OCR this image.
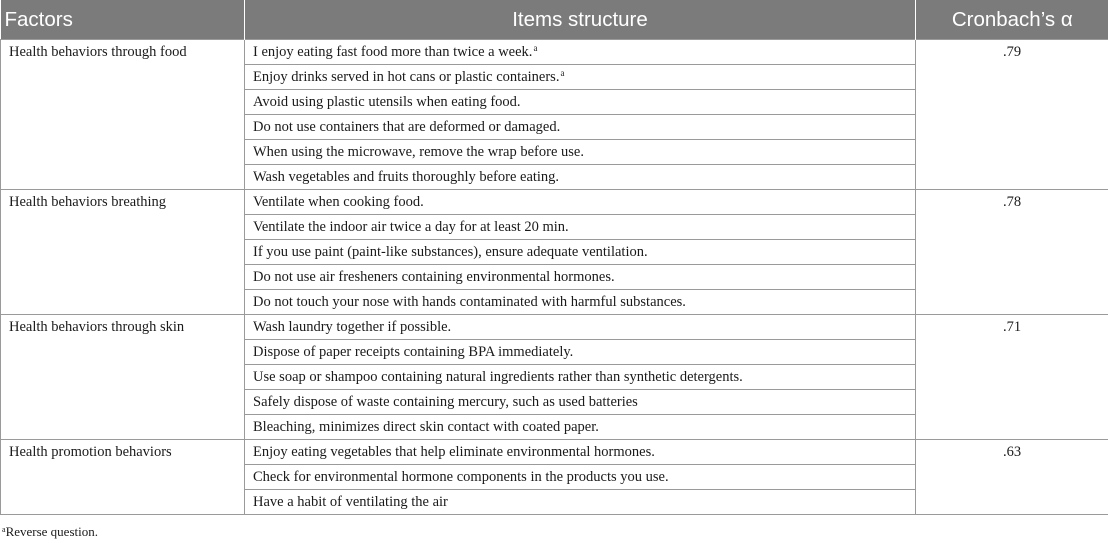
Factors	Items structure	Cronbach’s α
Health behaviors through food	I enjoy eating fast food more than twice a week.$^a$	.79
	Enjoy drinks served in hot cans or plastic containers.$^a$
	Avoid using plastic utensils when eating food.	
	Do not use containers that are deformed or damaged.	
	When using the microwave, remove the wrap before use.	
	Wash vegetables and fruits thoroughly before eating.	
Health behaviors breathing	Ventilate when cooking food.	.78
	Ventilate the indoor air twice a day for at least 20 min.	
	If you use paint (paint-like substances), ensure adequate ventilation.	
	Do not use air fresheners containing environmental hormones.	
	Do not touch your nose with hands contaminated with harmful substances.	
Health behaviors through skin	Wash laundry together if possible.	.71
	Dispose of paper receipts containing BPA immediately.	
	Use soap or shampoo containing natural ingredients rather than synthetic detergents.	
	Safely dispose of waste containing mercury, such as used batteries	
	Bleaching, minimizes direct skin contact with coated paper.	
Health promotion behaviors	Enjoy eating vegetables that help eliminate environmental hormones.	.63
	Check for environmental hormone components in the products you use.	
	Have a habit of ventilating the air	
$^a$Reverse question.
